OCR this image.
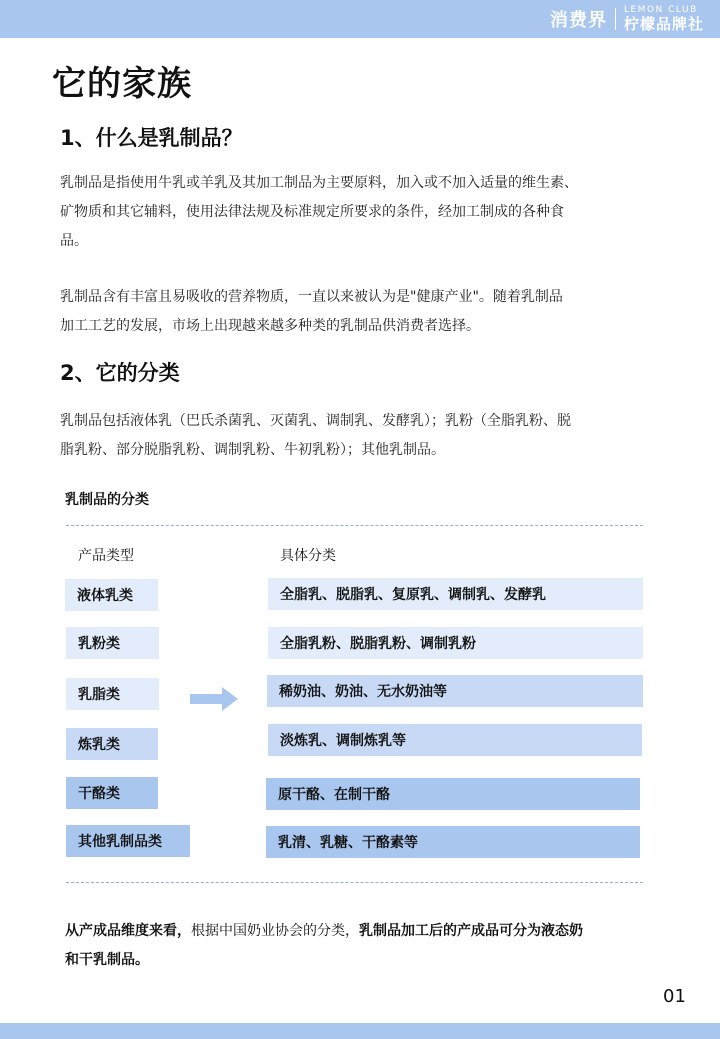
消费界 LEMON CLUB
柠檬品牌社
它的家族
1、什么是乳制品？
乳制品是指使用牛乳或羊乳及其加工制品为主要原料，加入或不加入适量的维生素、
矿物质和其它辅料，使用法律法规及标准规定所要求的条件，经加工制成的各种食
品。
乳制品含有丰富且易吸收的营养物质，一直以来被认为是"健康产业"。随着乳制品
加工工艺的发展，市场上出现越来越多种类的乳制品供消费者选择。
2、它的分类
乳制品包括液体乳（巴氏杀菌乳、灭菌乳、调制乳、发酵乳）；乳粉（全脂乳粉、脱
脂乳粉、部分脱脂乳粉、调制乳粉、牛初乳粉）；其他乳制品。
乳制品的分类
产品类型	具体分类
液体乳类
乳粉类
乳脂类
炼乳类
干酪类
其他乳制品类
全脂乳、脱脂乳、复原乳、调制乳、发酵乳
全脂乳粉、脱脂乳粉、调制乳粉
稀奶油、奶油、无水奶油等
淡炼乳、调制炼乳等
原干酪、在制干酪
乳清、乳糖、干酪素等
从产成品维度来看，根据中国奶业协会的分类，乳制品加工后的产成品可分为液态奶
和干乳制品。
01
